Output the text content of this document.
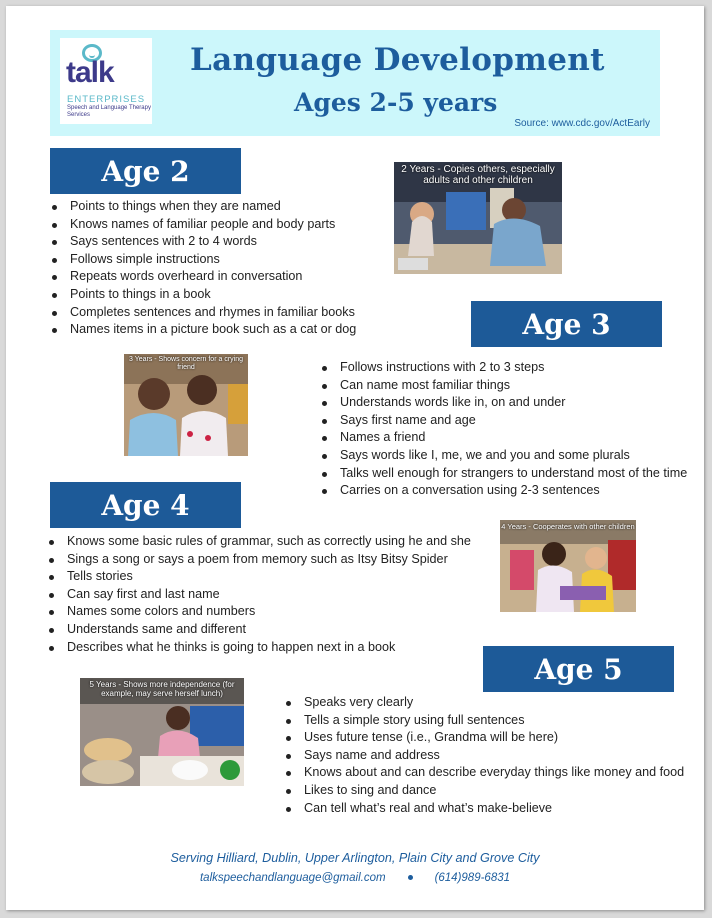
talk
ENTERPRISES
Speech and Language Therapy Services
Language Development
Ages 2-5 years
Source: www.cdc.gov/ActEarly
Age 2
Points to things when they are named
Knows names of familiar people and body parts
Says sentences with 2 to 4 words
Follows simple instructions
Repeats words overheard in conversation
Points to things in a book
Completes sentences and rhymes in familiar books
Names items in a picture book such as a cat or dog
2 Years - Copies others, especially adults and other children
Age 3
3 Years - Shows concern for a crying friend	Follows instructions with 2 to 3 steps
Can name most familiar things
Understands words like in, on and under
Says first name and age
Names a friend
Says words like I, me, we and you and some plurals
Talks well enough for strangers to understand most of the time
Carries on a conversation using 2-3 sentences
Age 4
Knows some basic rules of grammar, such as correctly using he and she
Sings a song or says a poem from memory such as Itsy Bitsy Spider
Tells stories
Can say first and last name
Names some colors and numbers
Understands same and different
Describes what he thinks is going to happen next in a book
4 Years - Cooperates with other children
Age 5
5 Years - Shows more independence (for example, may serve herself lunch)
Speaks very clearly
Tells a simple story using full sentences
Uses future tense (i.e., Grandma will be here)
Says name and address
Knows about and can describe everyday things like money and food
Likes to sing and dance
Can tell what’s real and what’s make-believe
Serving Hilliard, Dublin, Upper Arlington, Plain City and Grove City
talkspeechandlanguage@gmail.com	(614)989-6831
